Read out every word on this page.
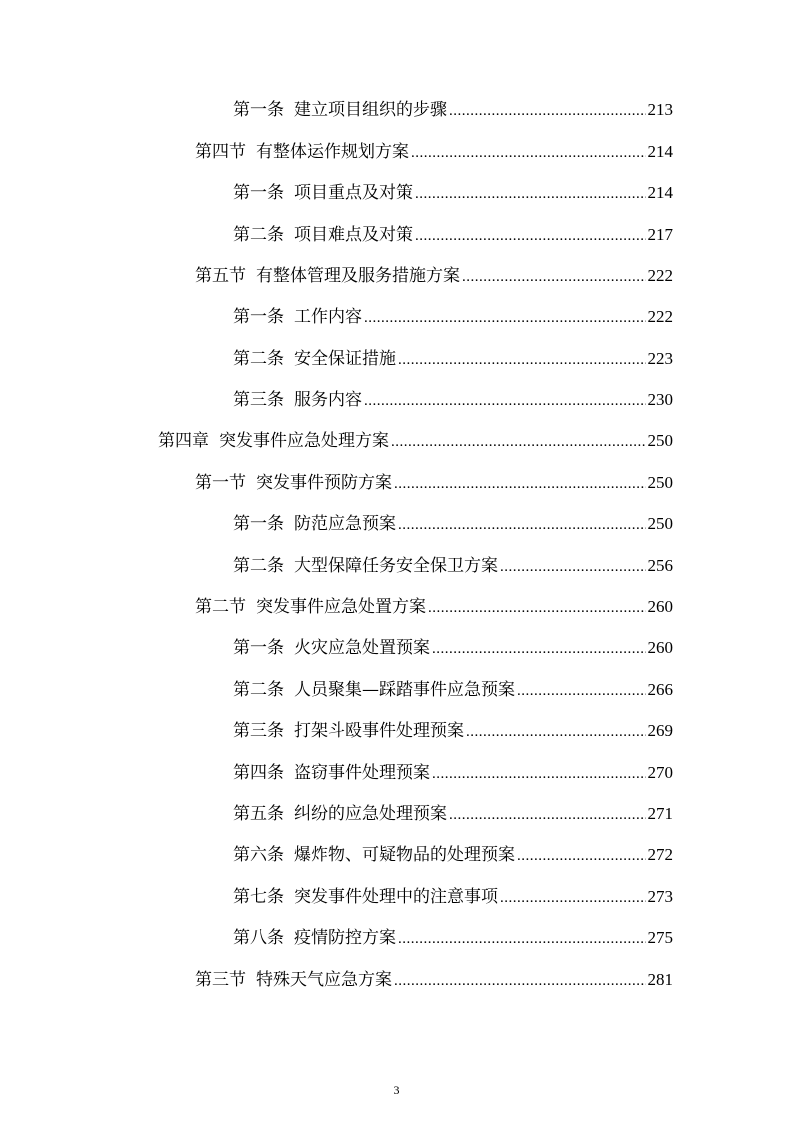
第一条 建立项目组织的步骤 .....	213
第四节 有整体运作规划方案 .....	214
第一条 项目重点及对策 .....	214
第二条 项目难点及对策 .....	217
第五节 有整体管理及服务措施方案 .....	222
第一条 工作内容 .....	222
第二条 安全保证措施 .....	223
第三条 服务内容 .....	230
第四章 突发事件应急处理方案 .....	250
第一节 突发事件预防方案 .....	250
第一条 防范应急预案 .....	250
第二条 大型保障任务安全保卫方案 .....	256
第二节 突发事件应急处置方案 .....	260
第一条 火灾应急处置预案 .....	260
第二条 人员聚集—踩踏事件应急预案 .....	266
第三条 打架斗殴事件处理预案 .....	269
第四条 盗窃事件处理预案 .....	270
第五条 纠纷的应急处理预案 .....	271
第六条 爆炸物、可疑物品的处理预案 .....	272
第七条 突发事件处理中的注意事项 .....	273
第八条 疫情防控方案 .....	275
第三节 特殊天气应急方案 .....	281
3
